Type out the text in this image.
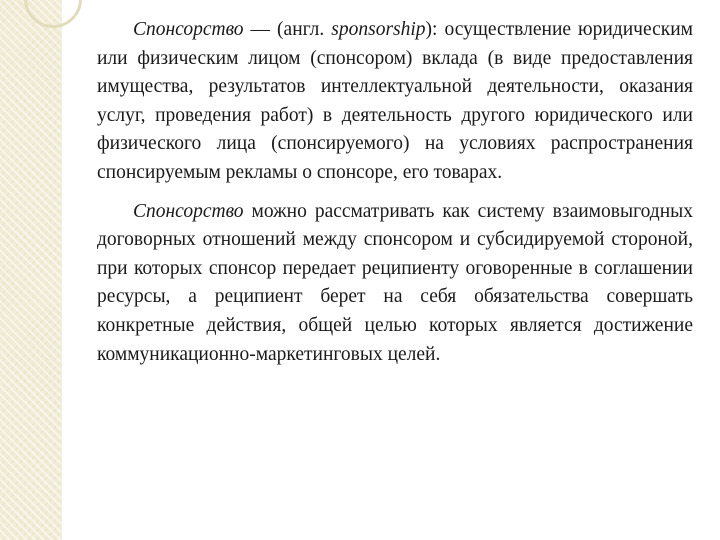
Спонсорство — (англ. sponsorship): осуществление юридическим или физическим лицом (спонсором) вклада (в виде предоставления имущества, результатов интеллектуальной деятельности, оказания услуг, проведения работ) в деятельность другого юридического или физического лица (спонсируемого) на условиях распространения спонсируемым рекламы о спонсоре, его товарах.

Спонсорство можно рассматривать как систему взаимовыгодных договорных отношений между спонсором и субсидируемой стороной, при которых спонсор передает реципиенту оговоренные в соглашении ресурсы, а реципиент берет на себя обязательства совершать конкретные действия, общей целью которых является достижение коммуникационно-маркетинговых целей.
